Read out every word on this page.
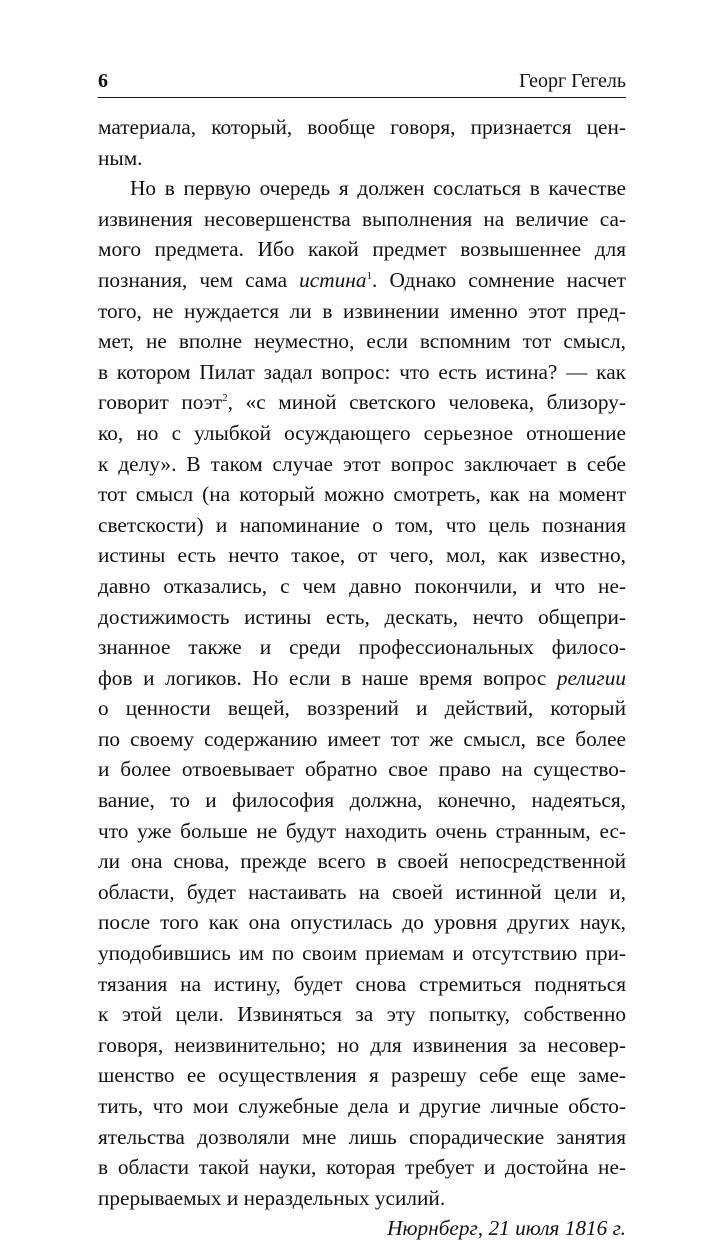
6	Георг Гегель
материала, который, вообще говоря, признается цен-
ным.
Но в первую очередь я должен сослаться в качестве
извинения несовершенства выполнения на величие са-
мого предмета. Ибо какой предмет возвышеннее для
познания, чем сама истина$^1$. Однако сомнение насчет
того, не нуждается ли в извинении именно этот пред-
мет, не вполне неуместно, если вспомним тот смысл,
в котором Пилат задал вопрос: что есть истина? — как
говорит поэт$^2$, «с миной светского человека, близору-
ко, но с улыбкой осуждающего серьезное отношение
к делу». В таком случае этот вопрос заключает в себе
тот смысл (на который можно смотреть, как на момент
светскости) и напоминание о том, что цель познания
истины есть нечто такое, от чего, мол, как известно,
давно отказались, с чем давно покончили, и что не-
достижимость истины есть, дескать, нечто общепри-
знанное также и среди профессиональных филосо-
фов и логиков. Но если в наше время вопрос религии
о ценности вещей, воззрений и действий, который
по своему содержанию имеет тот же смысл, все более
и более отвоевывает обратно свое право на существо-
вание, то и философия должна, конечно, надеяться,
что уже больше не будут находить очень странным, ес-
ли она снова, прежде всего в своей непосредственной
области, будет настаивать на своей истинной цели и,
после того как она опустилась до уровня других наук,
уподобившись им по своим приемам и отсутствию при-
тязания на истину, будет снова стремиться подняться
к этой цели. Извиняться за эту попытку, собственно
говоря, неизвинительно; но для извинения за несовер-
шенство ее осуществления я разрешу себе еще заме-
тить, что мои служебные дела и другие личные обсто-
ятельства дозволяли мне лишь спорадические занятия
в области такой науки, которая требует и достойна не-
прерываемых и нераздельных усилий.
Нюрнберг, 21 июля 1816 г.
